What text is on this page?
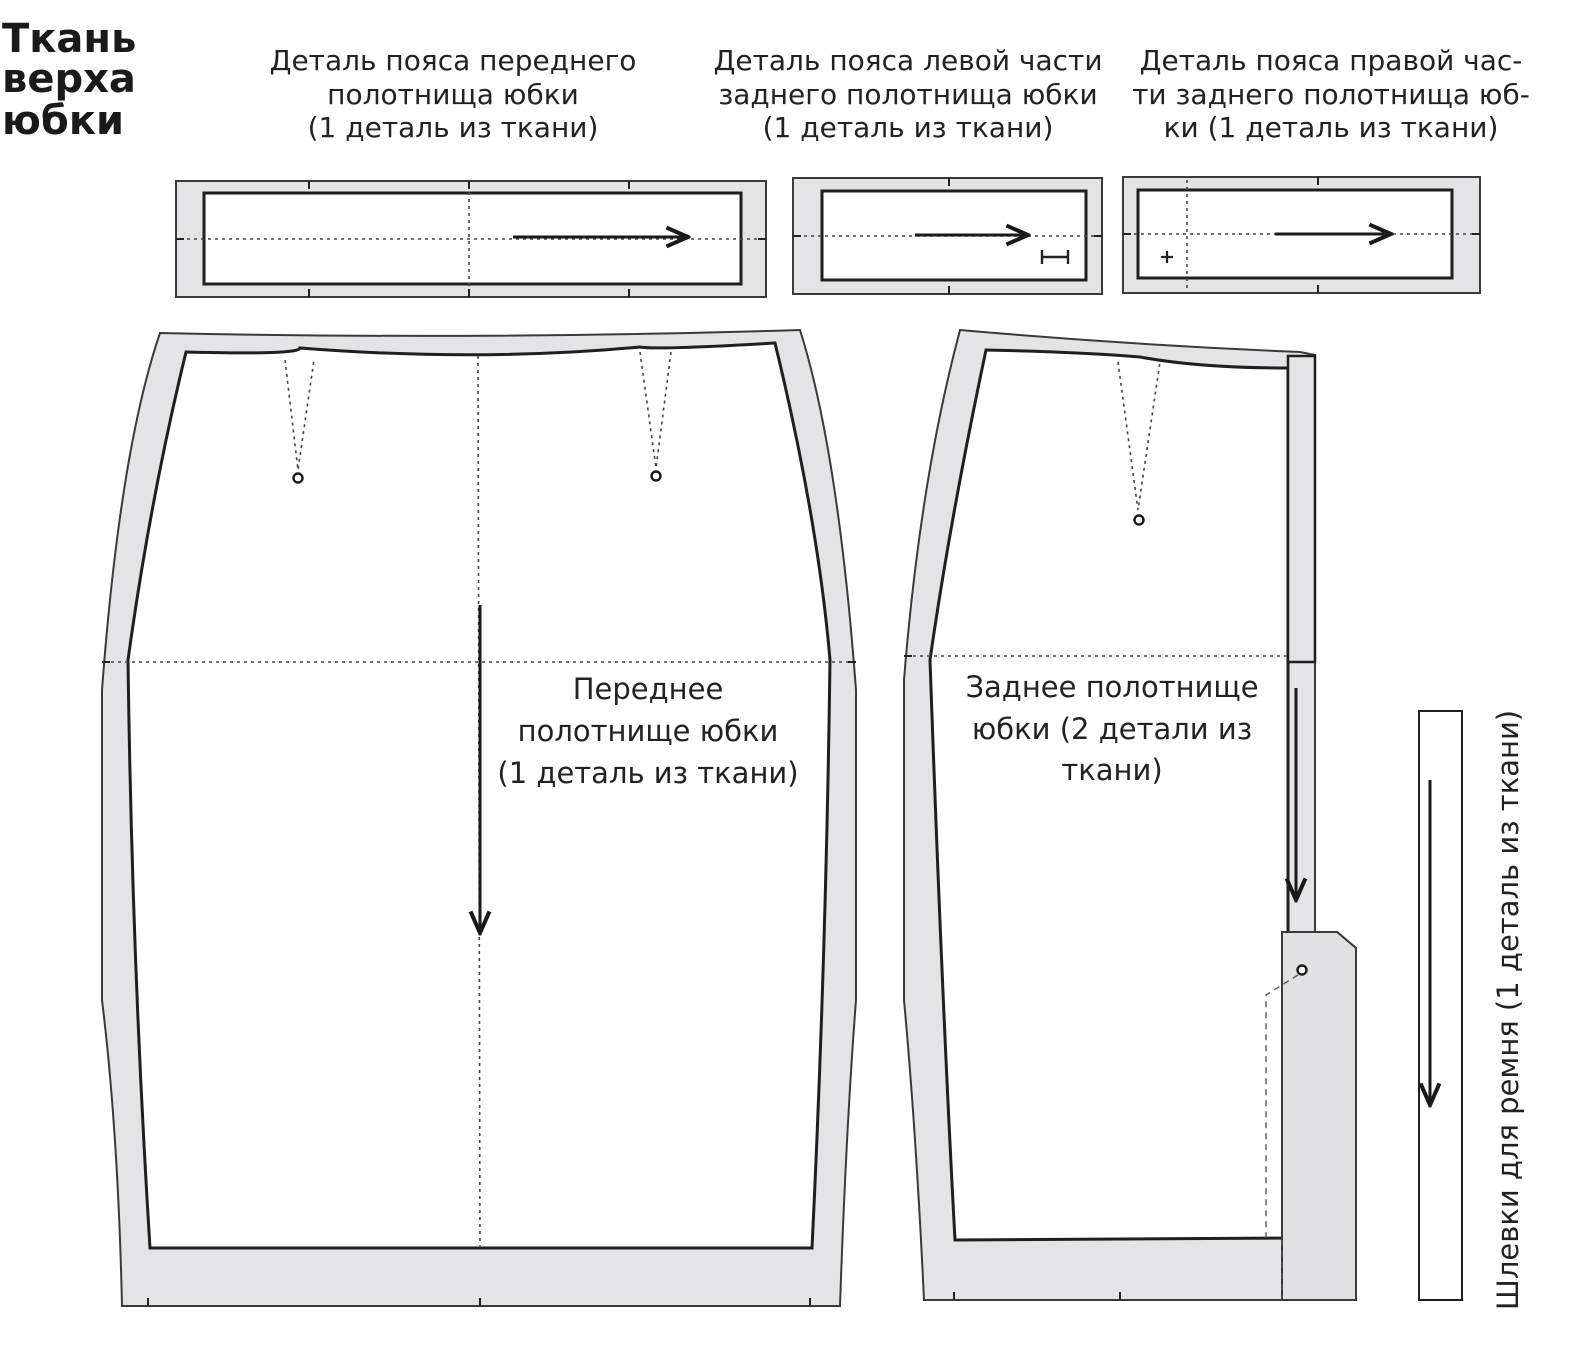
Ткань
верха
юбки
Деталь пояса переднего
полотнища юбки
(1 деталь из ткани)
Деталь пояса левой части
заднего полотнища юбки
(1 деталь из ткани)
Деталь пояса правой час-
ти заднего полотнища юб-
ки (1 деталь из ткани)
Переднее
полотнище юбки
(1 деталь из ткани)
Заднее полотнище
юбки (2 детали из
ткани)	Шлевки для ремня (1 деталь из ткани)
